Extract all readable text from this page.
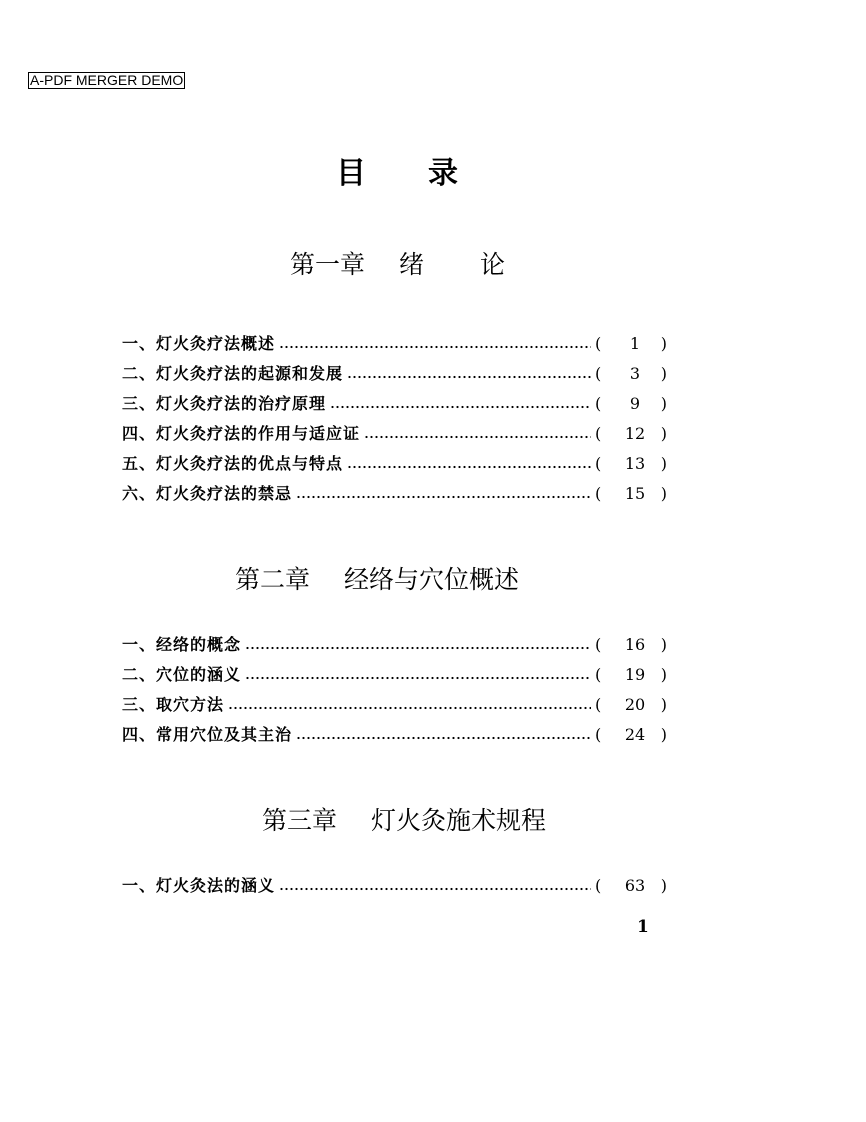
A-PDF MERGER DEMO
目 录
第一章 绪 论
第二章 经络与穴位概述
第三章 灯火灸施术规程
1
一、灯火灸疗法概述	(	1	)
二、灯火灸疗法的起源和发展	(	3	)
三、灯火灸疗法的治疗原理	(	9	)
四、灯火灸疗法的作用与适应证	(	12 )
五、灯火灸疗法的优点与特点	(	13 )
六、灯火灸疗法的禁忌	(	15 )
一、经络的概念	(	16 )
二、穴位的涵义	(	19 )
三、取穴方法	(	20 )
四、常用穴位及其主治	(	24 )
一、灯火灸法的涵义	(	63 )
